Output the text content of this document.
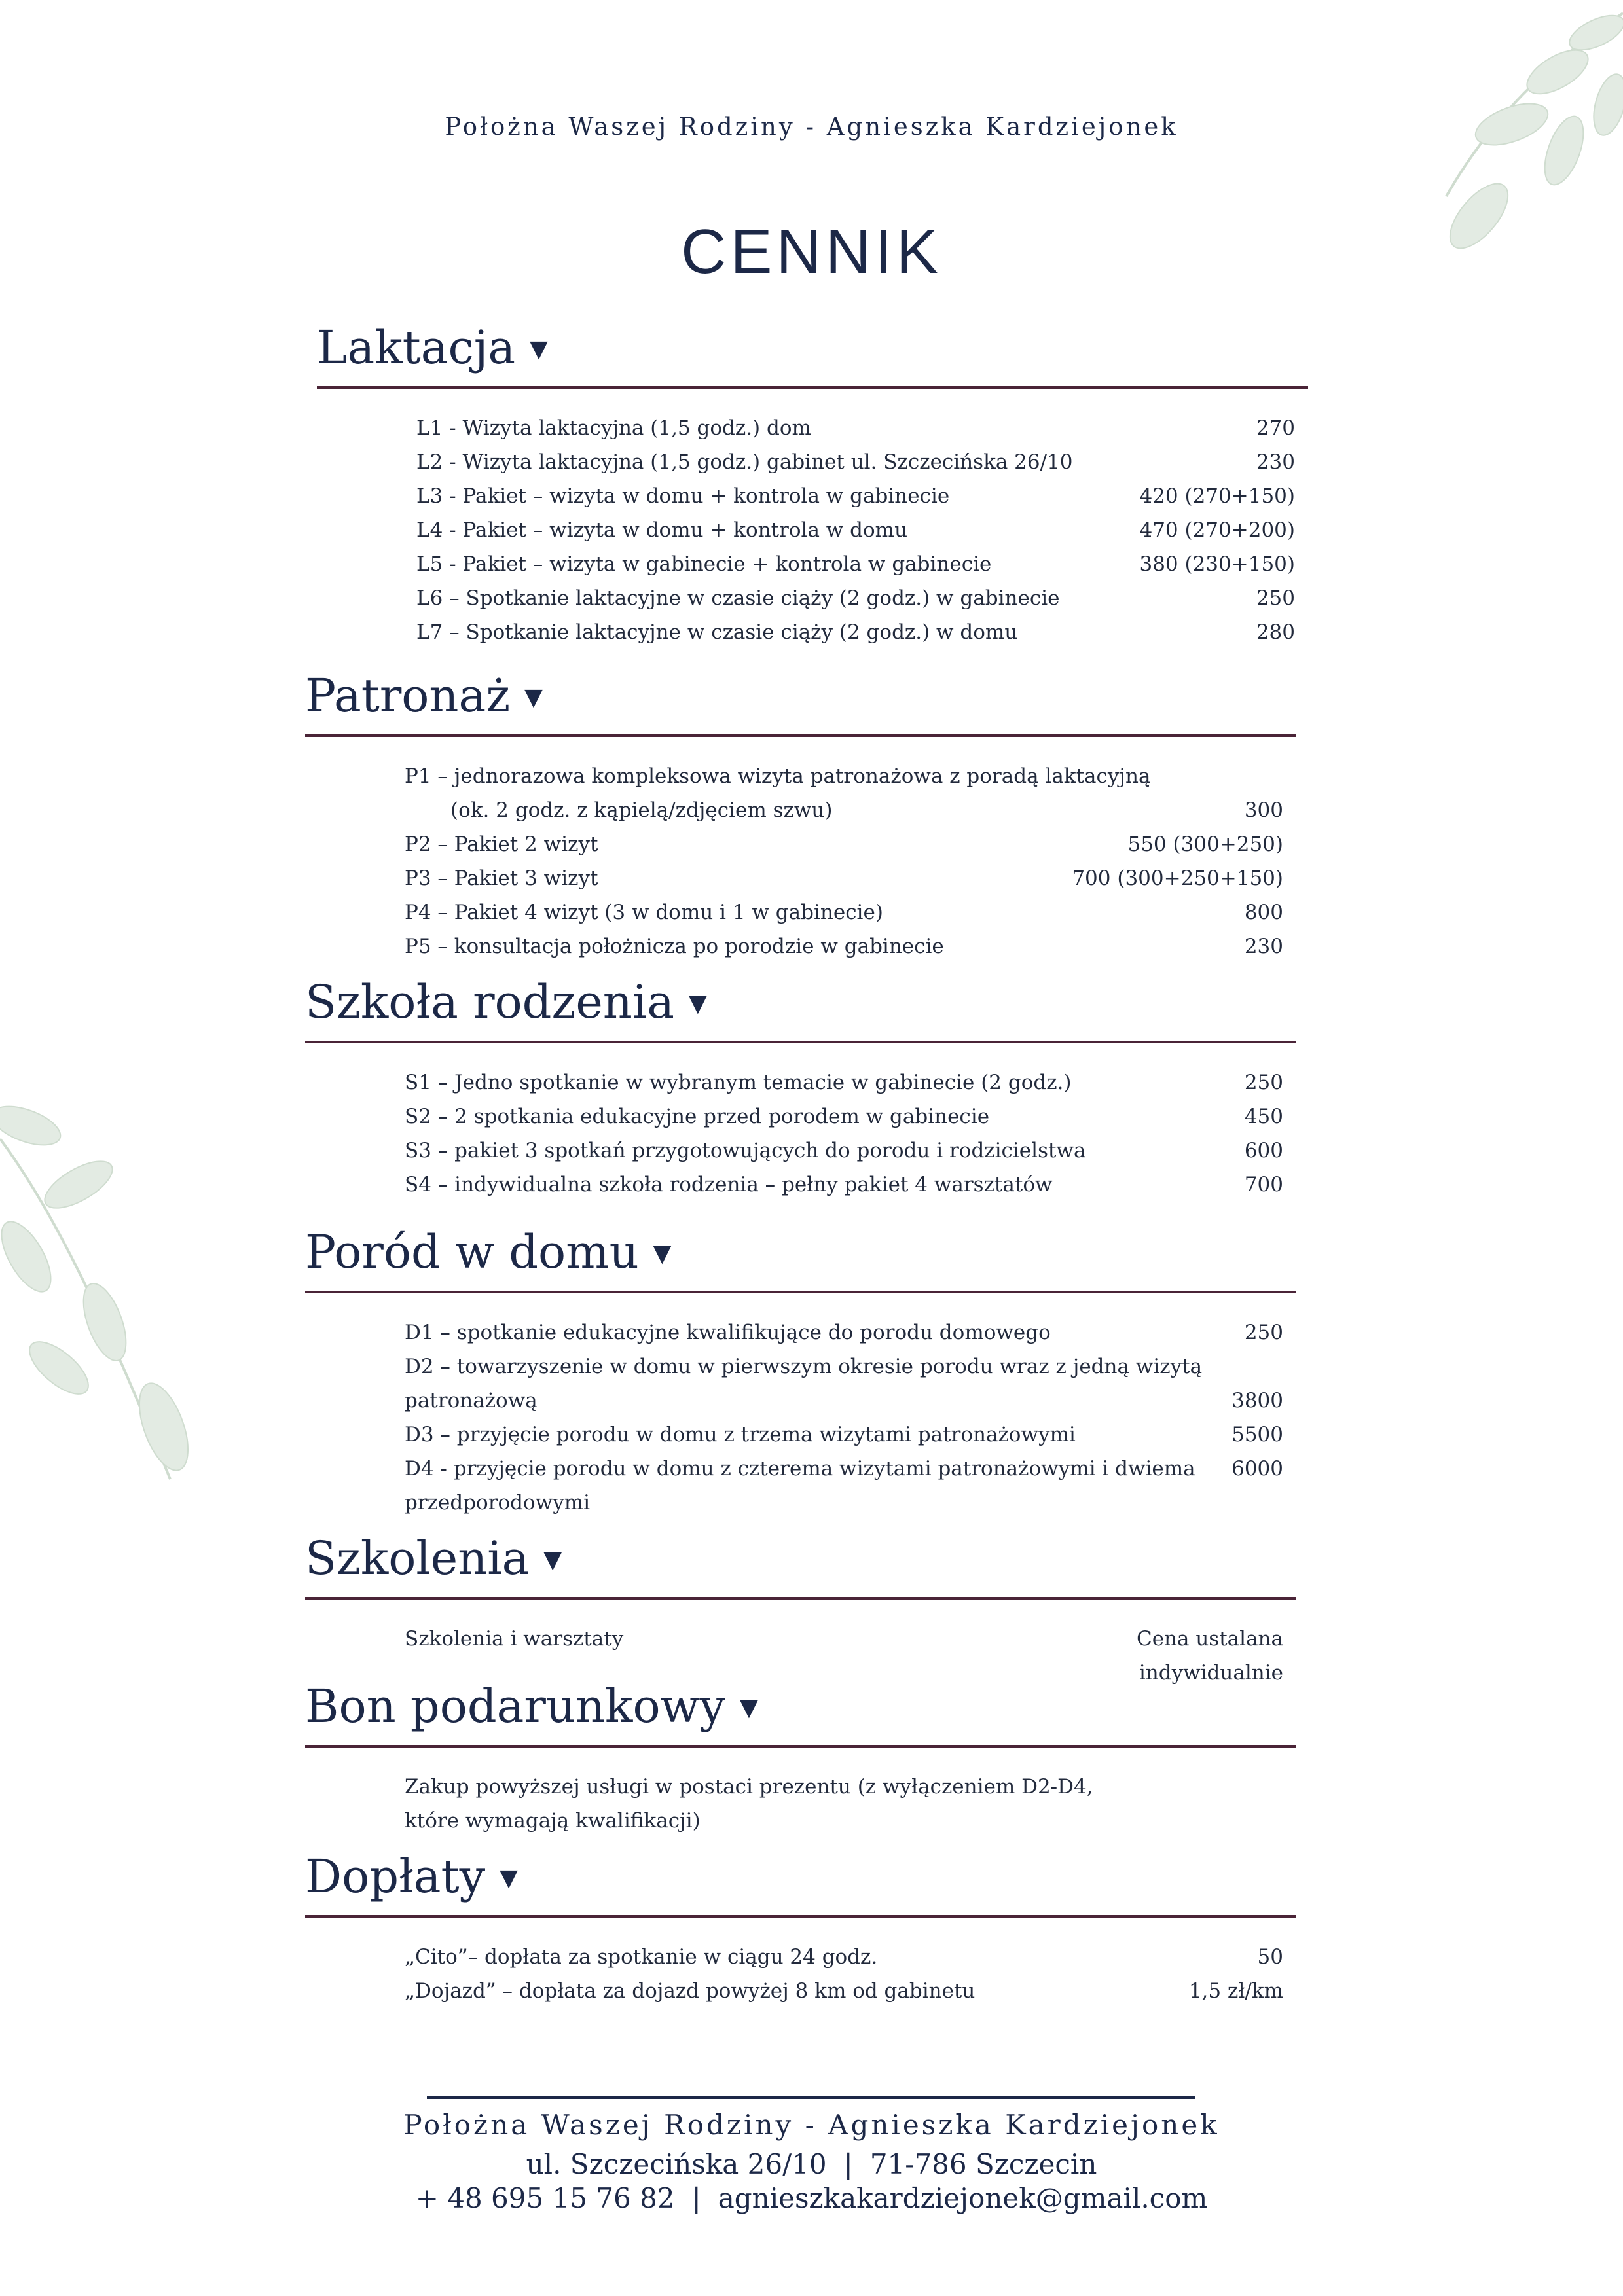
Położna Waszej Rodziny - Agnieszka Kardziejonek
CENNIK
Laktacja ▼
L1 - Wizyta laktacyjna (1,5 godz.) dom	270
L2 - Wizyta laktacyjna (1,5 godz.) gabinet ul. Szczecińska 26/10	230
L3 - Pakiet – wizyta w domu + kontrola w gabinecie	420 (270+150)
L4 - Pakiet – wizyta w domu + kontrola w domu	470 (270+200)
L5 - Pakiet – wizyta w gabinecie + kontrola w gabinecie	380 (230+150)
L6 – Spotkanie laktacyjne w czasie ciąży (2 godz.) w gabinecie	250
L7 – Spotkanie laktacyjne w czasie ciąży (2 godz.) w domu	280
Patronaż ▼
P1 – jednorazowa kompleksowa wizyta patronażowa z poradą laktacyjną
(ok. 2 godz. z kąpielą/zdjęciem szwu)	300
P2 – Pakiet 2 wizyt	550 (300+250)
P3 – Pakiet 3 wizyt	700 (300+250+150)
P4 – Pakiet 4 wizyt (3 w domu i 1 w gabinecie)	800
P5 – konsultacja położnicza po porodzie w gabinecie	230
Szkoła rodzenia ▼
S1 – Jedno spotkanie w wybranym temacie w gabinecie (2 godz.)	250
S2 – 2 spotkania edukacyjne przed porodem w gabinecie	450
S3 – pakiet 3 spotkań przygotowujących do porodu i rodzicielstwa	600
S4 – indywidualna szkoła rodzenia – pełny pakiet 4 warsztatów	700
Poród w domu ▼
D1 – spotkanie edukacyjne kwalifikujące do porodu domowego	250
D2 – towarzyszenie w domu w pierwszym okresie porodu wraz z jedną wizytą
patronażową	3800
D3 – przyjęcie porodu w domu z trzema wizytami patronażowymi	5500
D4 - przyjęcie porodu w domu z czterema wizytami patronażowymi i dwiema 6000
przedporodowymi
Szkolenia ▼
Szkolenia i warsztaty	Cena ustalana
indywidualnie
Bon podarunkowy ▼
Zakup powyższej usługi w postaci prezentu (z wyłączeniem D2-D4,
które wymagają kwalifikacji)
Dopłaty ▼
„Cito”– dopłata za spotkanie w ciągu 24 godz.	50
„Dojazd” – dopłata za dojazd powyżej 8 km od gabinetu	1,5 zł/km
Położna Waszej Rodziny - Agnieszka Kardziejonek
ul. Szczecińska 26/10 | 71-786 Szczecin
+ 48 695 15 76 82 | agnieszkakardziejonek@gmail.com
